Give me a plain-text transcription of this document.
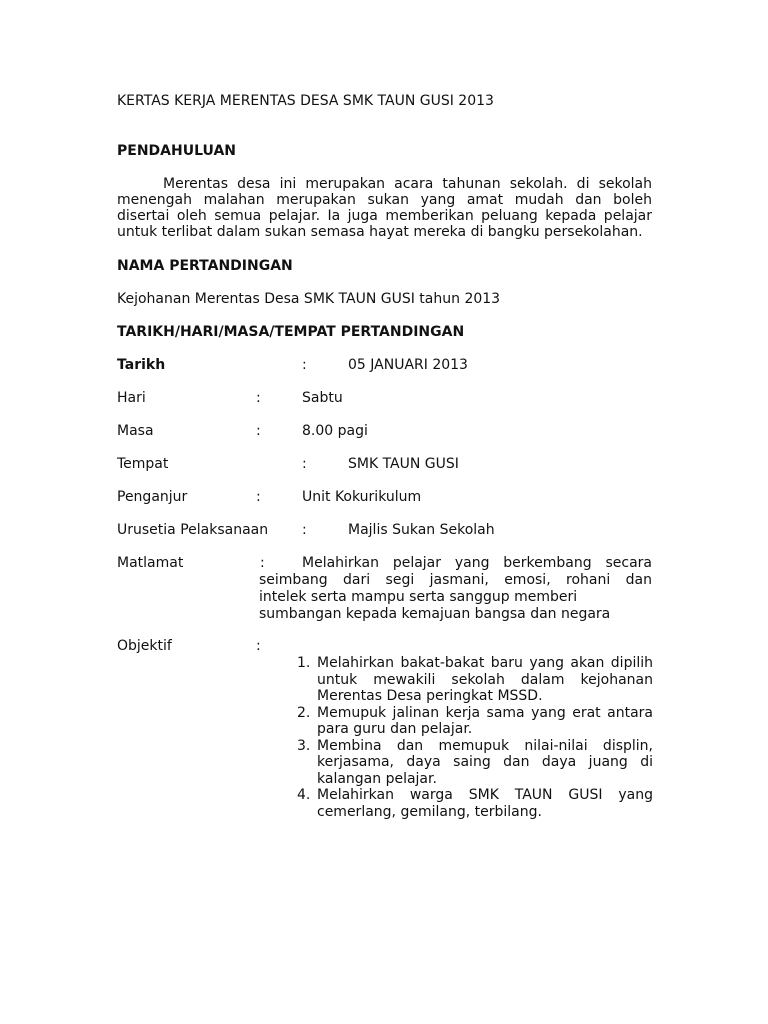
KERTAS KERJA MERENTAS DESA SMK TAUN GUSI 2013
PENDAHULUAN
Merentas desa ini merupakan acara tahunan sekolah. di sekolah
menengah malahan merupakan sukan yang amat mudah dan boleh
disertai oleh semua pelajar. Ia juga memberikan peluang kepada pelajar
untuk terlibat dalam sukan semasa hayat mereka di bangku persekolahan.
NAMA PERTANDINGAN
Kejohanan Merentas Desa SMK TAUN GUSI tahun 2013
TARIKH/HARI/MASA/TEMPAT PERTANDINGAN
Tarikh	:	05 JANUARI 2013
Hari	:	Sabtu
Masa	:	8.00 pagi
Tempat	:	SMK TAUN GUSI
Penganjur	:	Unit Kokurikulum
Urusetia Pelaksanaan :	Majlis Sukan Sekolah
Matlamat	:	Melahirkan pelajar yang berkembang secara
seimbang dari segi jasmani, emosi, rohani dan
intelek serta mampu serta sanggup memberi
sumbangan kepada kemajuan bangsa dan negara
Objektif	:
1. Melahirkan bakat-bakat baru yang akan dipilih
untuk mewakili sekolah dalam kejohanan
Merentas Desa peringkat MSSD.
2. Memupuk jalinan kerja sama yang erat antara
para guru dan pelajar.
3. Membina dan memupuk nilai-nilai displin,
kerjasama, daya saing dan daya juang di
kalangan pelajar.
4. Melahirkan warga SMK TAUN GUSI yang
cemerlang, gemilang, terbilang.
